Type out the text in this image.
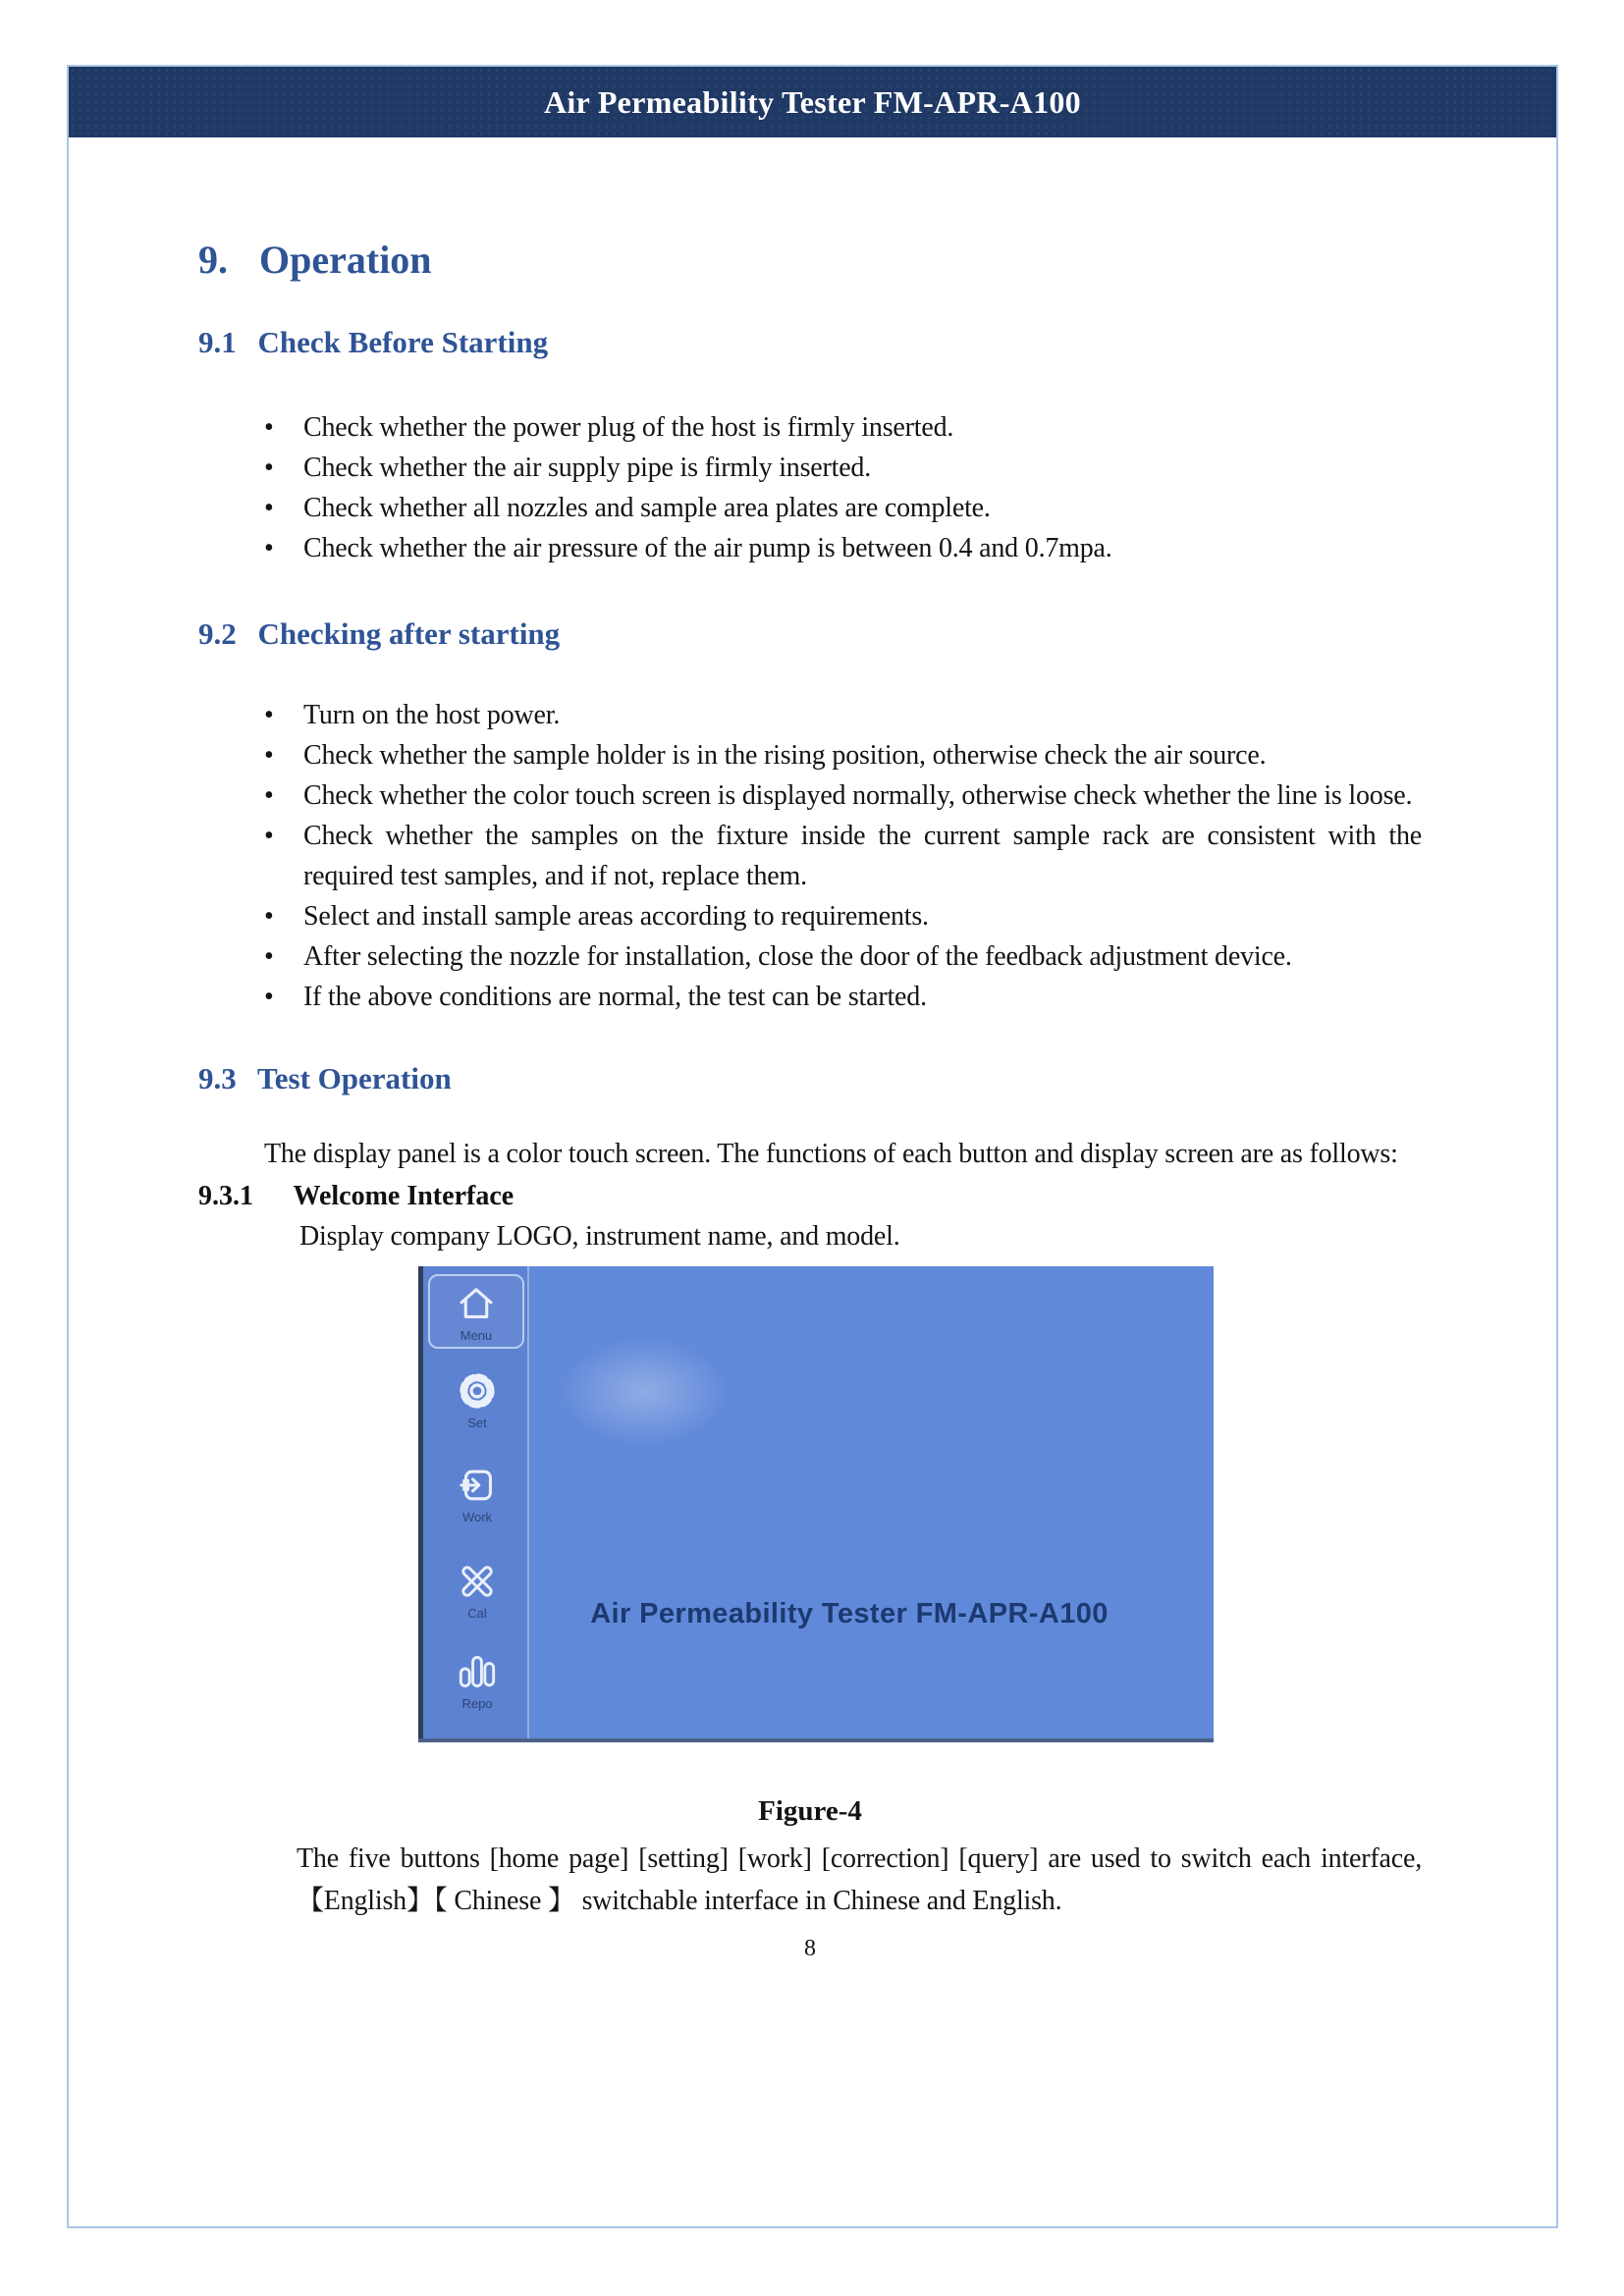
Air Permeability Tester FM-APR-A100
9. Operation
9.1 Check Before Starting
• Check whether the power plug of the host is firmly inserted.
• Check whether the air supply pipe is firmly inserted.
• Check whether all nozzles and sample area plates are complete.
• Check whether the air pressure of the air pump is between 0.4 and 0.7mpa.
9.2 Checking after starting
• Turn on the host power.
• Check whether the sample holder is in the rising position, otherwise check the air source.
• Check whether the color touch screen is displayed normally, otherwise check whether the line is loose.
• Check whether the samples on the fixture inside the current sample rack are consistent with the required test samples, and if not, replace them.
• Select and install sample areas according to requirements.
• After selecting the nozzle for installation, close the door of the feedback adjustment device.
• If the above conditions are normal, the test can be started.
9.3 Test Operation

The display panel is a color touch screen. The functions of each button and display screen are as follows:

9.3.1 Welcome Interface

Display company LOGO, instrument name, and model.

Air Permeability Tester FM-APR-A100
Menu
Set
Work
Cal
Repo
Figure-4

The five buttons [home page] [setting] [work] [correction] [query] are used to switch each interface, 【English】【 Chinese 】 switchable interface in Chinese and English.

8
